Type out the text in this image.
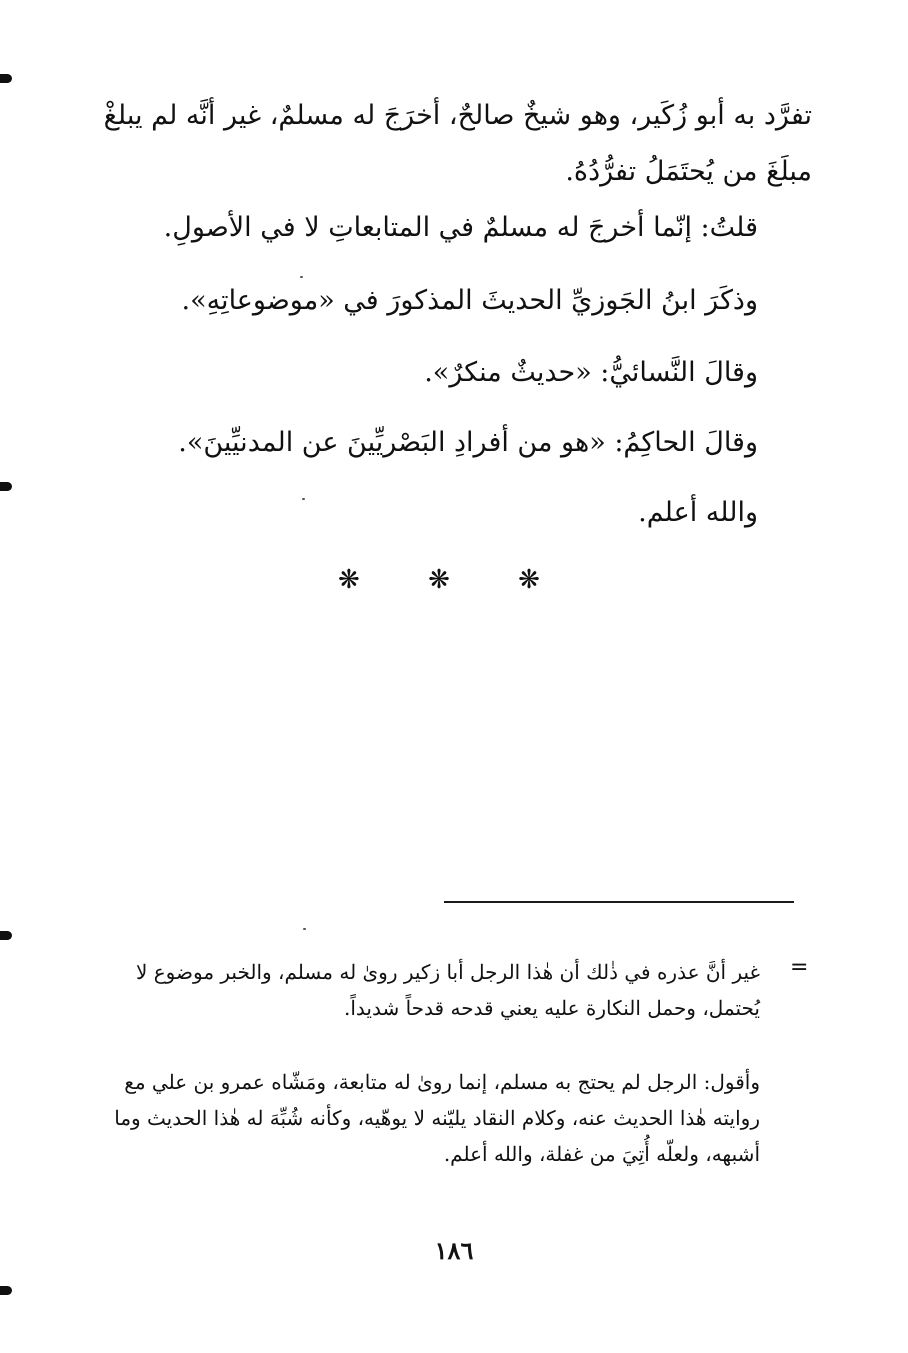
تفرَّد به أبو زُكَير، وهو شيخٌ صالحٌ، أخرَجَ له مسلمٌ، غير أنَّه لم يبلغْ مبلَغَ من يُحتَمَلُ تفرُّدُهُ.

قلتُ: إنّما أخرجَ له مسلمٌ في المتابعاتِ لا في الأصولِ.

وذكَرَ ابنُ الجَوزيِّ الحديثَ المذكورَ في «موضوعاتِهِ».

وقالَ النَّسائيُّ: «حديثٌ منكرٌ».

وقالَ الحاكِمُ: «هو من أفرادِ البَصْريِّينَ عن المدنيِّينَ».

والله أعلم.

❋ ❋ ❋
=

غير أنَّ عذره في ذٰلك أن هٰذا الرجل أبا زكير روىٰ له مسلم، والخبر موضوع لا يُحتمل، وحمل النكارة عليه يعني قدحه قدحاً شديداً.

وأقول: الرجل لم يحتج به مسلم، إنما روىٰ له متابعة، ومَشّاه عمرو بن علي مع روايته هٰذا الحديث عنه، وكلام النقاد يليّنه لا يوهّيه، وكأنه شُبِّهَ له هٰذا الحديث وما أشبهه، ولعلّه أُتِيَ من غفلة، والله أعلم.

١٨٦
